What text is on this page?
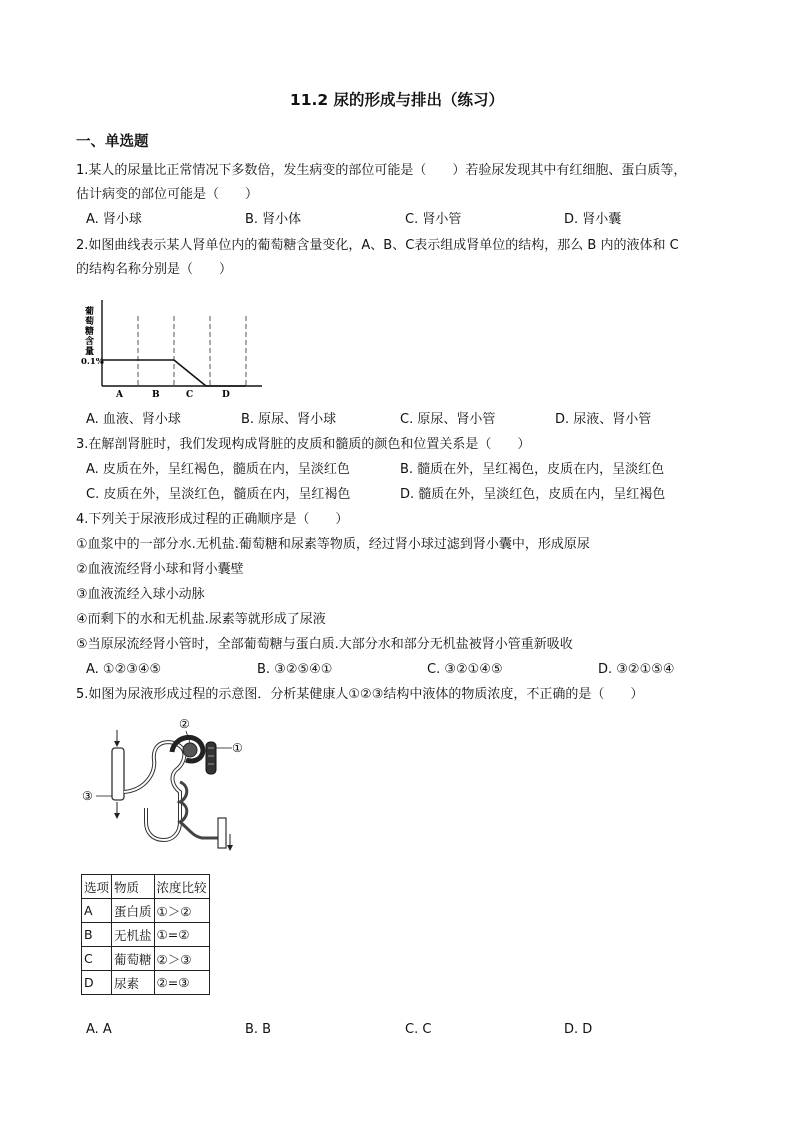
11.2 尿的形成与排出（练习）
一、单选题
1.某人的尿量比正常情况下多数倍，发生病变的部位可能是（　　）若验尿发现其中有红细胞、蛋白质等，
估计病变的部位可能是（　　）
A. 肾小球	B. 肾小体	C. 肾小管	D. 肾小囊
2.如图曲线表示某人肾单位内的葡萄糖含量变化，A、B、C表示组成肾单位的结构，那么 B 内的液体和 C
的结构名称分别是（　　）
葡萄糖含量
0.1%
A	B	C	D
A. 血液、肾小球	B. 原尿、肾小球	C. 原尿、肾小管	D. 尿液、肾小管
3.在解剖肾脏时，我们发现构成肾脏的皮质和髓质的颜色和位置关系是（　　）
A. 皮质在外，呈红褐色，髓质在内，呈淡红色	B. 髓质在外，呈红褐色，皮质在内，呈淡红色
C. 皮质在外，呈淡红色，髓质在内，呈红褐色	D. 髓质在外，呈淡红色，皮质在内，呈红褐色
4.下列关于尿液形成过程的正确顺序是（　　）
①血浆中的一部分水.无机盐.葡萄糖和尿素等物质，经过肾小球过滤到肾小囊中，形成原尿
②血液流经肾小球和肾小囊壁
③血液流经入球小动脉
④而剩下的水和无机盐.尿素等就形成了尿液
⑤当原尿流经肾小管时，全部葡萄糖与蛋白质.大部分水和部分无机盐被肾小管重新吸收
A. ①②③④⑤	B. ③②⑤④①	C. ③②①④⑤	D. ③②①⑤④
5.如图为尿液形成过程的示意图．分析某健康人①②③结构中液体的物质浓度，不正确的是（　　）
①
②
③
选项	物质	浓度比较
A	蛋白质	①＞②
B	无机盐	①=②
C	葡萄糖	②＞③
D	尿素	②=③
A. A	B. B	C. C	D. D
